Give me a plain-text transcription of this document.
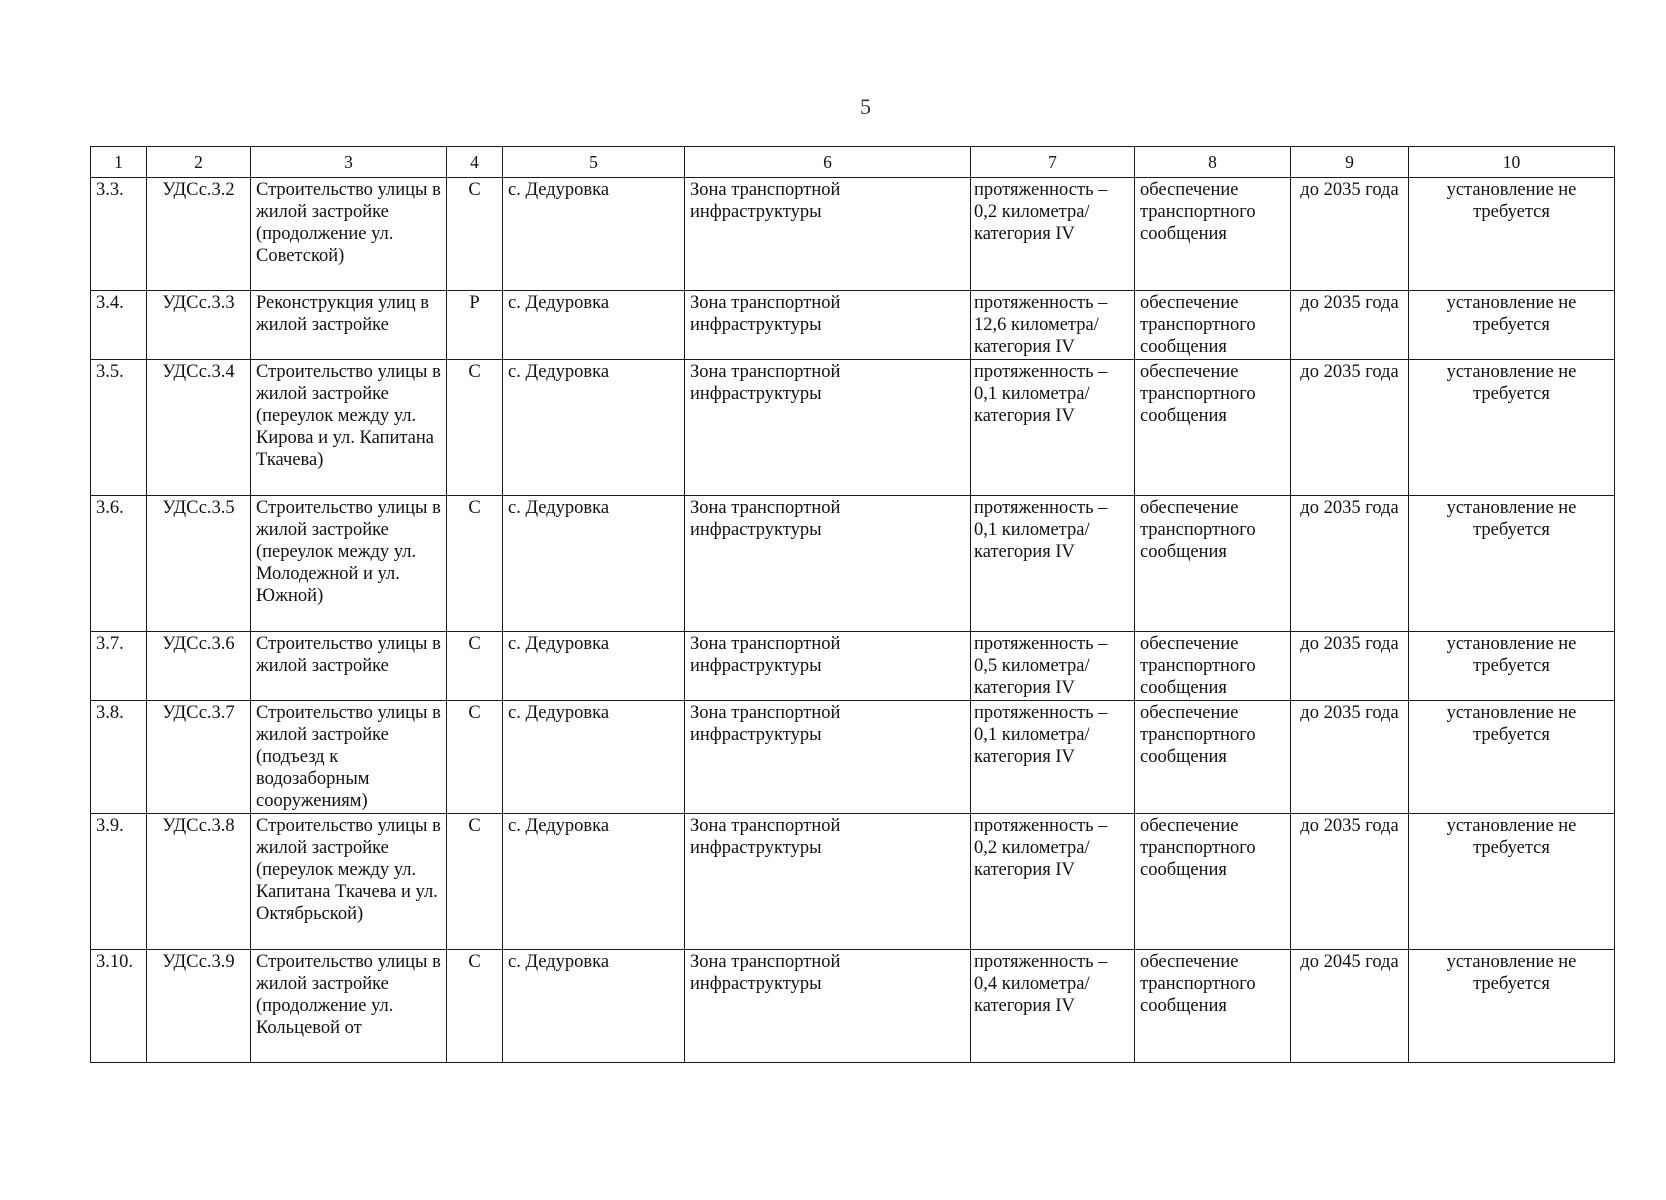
5
1	2	3	4	5	6	7	8	9	10
3.3.	УДСс.3.2	Строительство улицы в жилой застройке (продолжение ул. Советской)	С	с. Дедуровка	Зона транспортной инфраструктуры	протяженность – 0,2 километра/ категория IV	обеспечение транспортного сообщения	до 2035 года	установление не требуется
3.4.	УДСс.3.3	Реконструкция улиц в жилой застройке	Р	с. Дедуровка	Зона транспортной инфраструктуры	протяженность – 12,6 километра/ категория IV	обеспечение транспортного сообщения	до 2035 года	установление не требуется
3.5.	УДСс.3.4	Строительство улицы в жилой застройке (переулок между ул. Кирова и ул. Капитана Ткачева)	С	с. Дедуровка	Зона транспортной инфраструктуры	протяженность – 0,1 километра/ категория IV	обеспечение транспортного сообщения	до 2035 года	установление не требуется
3.6.	УДСс.3.5	Строительство улицы в жилой застройке (переулок между ул. Молодежной и ул. Южной)	С	с. Дедуровка	Зона транспортной инфраструктуры	протяженность – 0,1 километра/ категория IV	обеспечение транспортного сообщения	до 2035 года	установление не требуется
3.7.	УДСс.3.6	Строительство улицы в жилой застройке	С	с. Дедуровка	Зона транспортной инфраструктуры	протяженность – 0,5 километра/ категория IV	обеспечение транспортного сообщения	до 2035 года	установление не требуется
3.8.	УДСс.3.7	Строительство улицы в жилой застройке (подъезд к водозаборным сооружениям)	С	с. Дедуровка	Зона транспортной инфраструктуры	протяженность – 0,1 километра/ категория IV	обеспечение транспортного сообщения	до 2035 года	установление не требуется
3.9.	УДСс.3.8	Строительство улицы в жилой застройке (переулок между ул. Капитана Ткачева и ул. Октябрьской)	С	с. Дедуровка	Зона транспортной инфраструктуры	протяженность – 0,2 километра/ категория IV	обеспечение транспортного сообщения	до 2035 года	установление не требуется
3.10.	УДСс.3.9	Строительство улицы в жилой застройке (продолжение ул. Кольцевой от	С	с. Дедуровка	Зона транспортной инфраструктуры	протяженность – 0,4 километра/ категория IV	обеспечение транспортного сообщения	до 2045 года	установление не требуется
